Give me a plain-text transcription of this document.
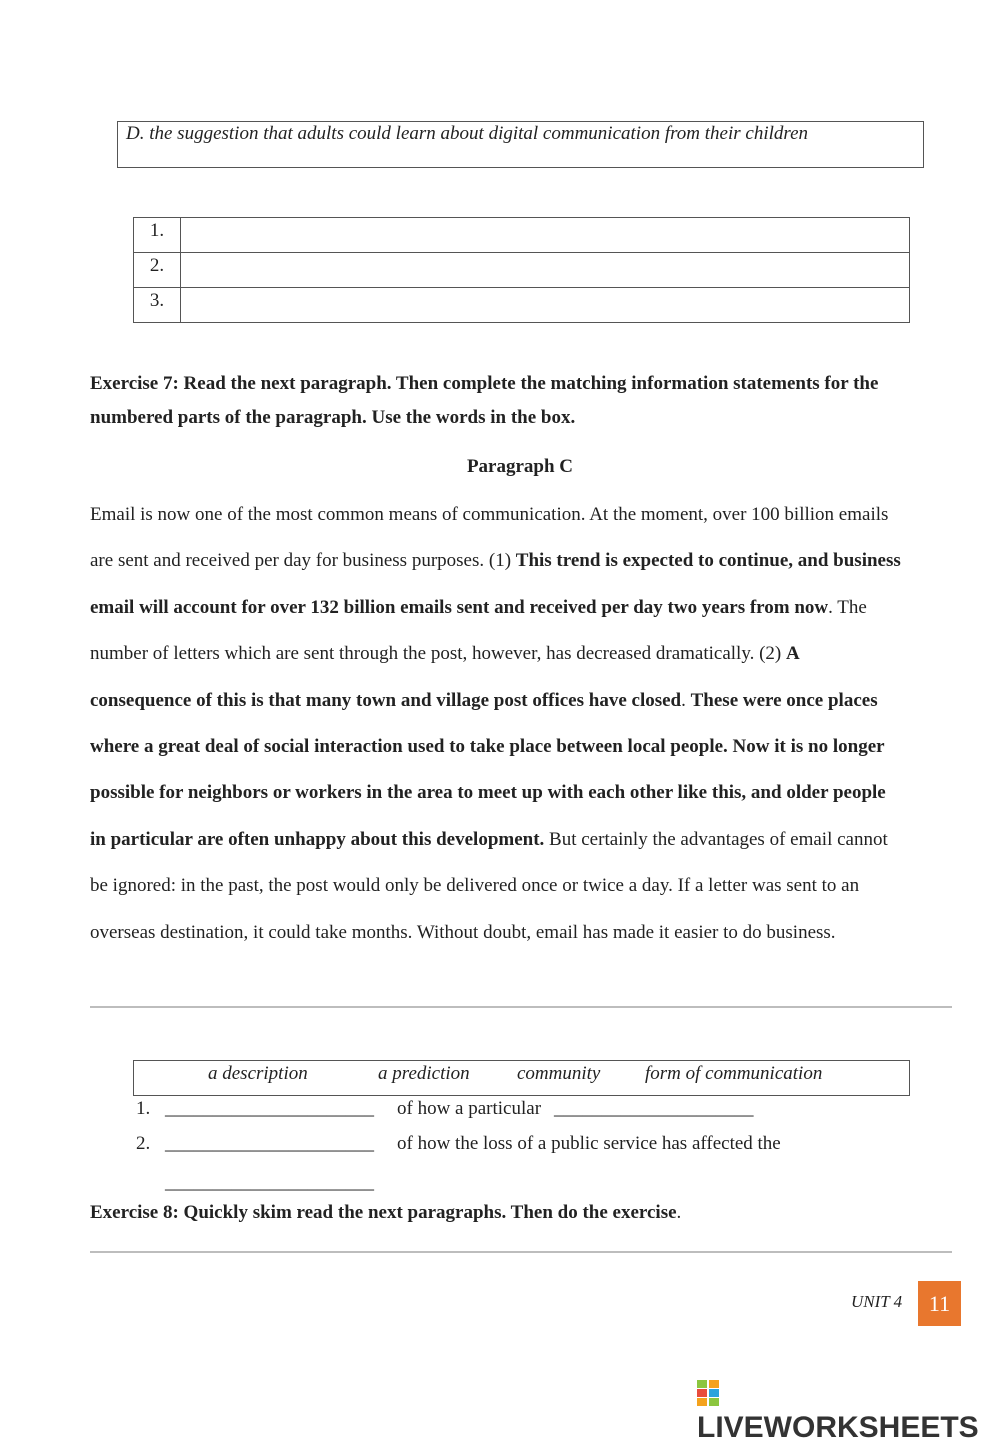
D. the suggestion that adults could learn about digital communication from their children
1.	
2.	
3.	
Exercise 7: Read the next paragraph. Then complete the matching information statements for the
numbered parts of the paragraph. Use the words in the box.
Paragraph C
Email is now one of the most common means of communication. At the moment, over 100 billion emails
are sent and received per day for business purposes. (1) This trend is expected to continue, and business
email will account for over 132 billion emails sent and received per day two years from now. The
number of letters which are sent through the post, however, has decreased dramatically. (2) A
consequence of this is that many town and village post offices have closed. These were once places
where a great deal of social interaction used to take place between local people. Now it is no longer
possible for neighbors or workers in the area to meet up with each other like this, and older people
in particular are often unhappy about this development. But certainly the advantages of email cannot
be ignored: in the past, the post would only be delivered once or twice a day. If a letter was sent to an
overseas destination, it could take months. Without doubt, email has made it easier to do business.
a description	a prediction community form of communication
1. ______________________ of how a particular _____________________
2. ______________________ of how the loss of a public service has affected the
______________________
Exercise 8: Quickly skim read the next paragraphs. Then do the exercise.
UNIT 4	11
LIVEWORKSHEETS
